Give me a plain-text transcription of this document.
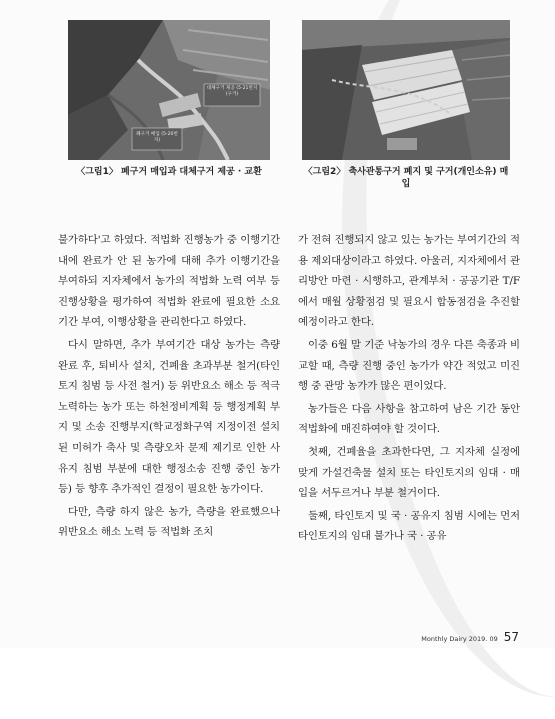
대체구거 제공 (5-21번지 (구거)
폐구거 매입 (5-20번지)
〈그림1〉 폐구거 매입과 대체구거 제공 · 교환	〈그림2〉 축사관통구거 폐지 및 구거(개인소유) 매입

불가하다'고 하였다. 적법화 진행농가 중 이행기간 내에 완료가 안 된 농가에 대해 추가 이행기간을 부여하되 지자체에서 농가의 적법화 노력 여부 등 진행상황을 평가하여 적법화 완료에 필요한 소요기간 부여, 이행상황을 관리한다고 하였다.

다시 말하면, 추가 부여기간 대상 농가는 측량 완료 후, 퇴비사 설치, 건폐율 초과부분 철거(타인 토지 침범 등 사전 철거) 등 위반요소 해소 등 적극 노력하는 농가 또는 하천정비계획 등 행정계획 부지 및 소송 진행부지(학교정화구역 지정이전 설치된 미허가 축사 및 측량오차 문제 제기로 인한 사유지 침범 부분에 대한 행정소송 진행 중인 농가 등) 등 향후 추가적인 결정이 필요한 농가이다.

다만, 측량 하지 않은 농가, 측량을 완료했으나 위반요소 해소 노력 등 적법화 조치

가 전혀 진행되지 않고 있는 농가는 부여기간의 적용 제외대상이라고 하였다. 아울러, 지자체에서 관리방안 마련 · 시행하고, 관계부처 · 공공기관 T/F에서 매월 상황점검 및 필요시 합동점검을 추진할 예정이라고 한다.

이중 6월 말 기준 낙농가의 경우 다른 축종과 비교할 때, 측량 진행 중인 농가가 약간 적었고 미진행 중 관망 농가가 많은 편이었다.

농가들은 다음 사항을 참고하여 남은 기간 동안 적법화에 매진하여야 할 것이다.

첫째, 건폐율을 초과한다면, 그 지자체 실정에 맞게 가설건축물 설치 또는 타인토지의 임대 · 매입을 서두르거나 부분 철거이다.

둘째, 타인토지 및 국 · 공유지 침범 시에는 먼저 타인토지의 임대 불가나 국 · 공유

Monthly Dairy 2019. 09 57
